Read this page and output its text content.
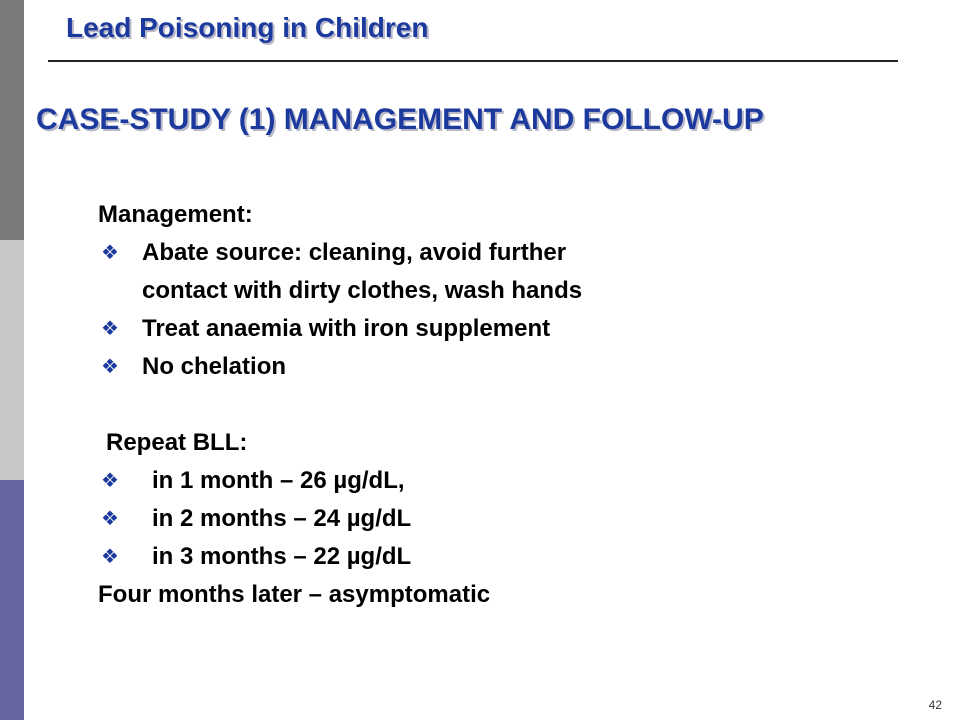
Lead Poisoning in Children
CASE-STUDY (1) MANAGEMENT AND FOLLOW-UP
Management:
❖
Abate source: cleaning, avoid further
contact with dirty clothes, wash hands
❖
Treat anaemia with iron supplement
❖
No chelation
Repeat BLL:
❖
in 1 month – 26 µg/dL,
❖
in 2 months – 24 µg/dL
❖
in 3 months – 22 µg/dL
Four months later – asymptomatic
42
